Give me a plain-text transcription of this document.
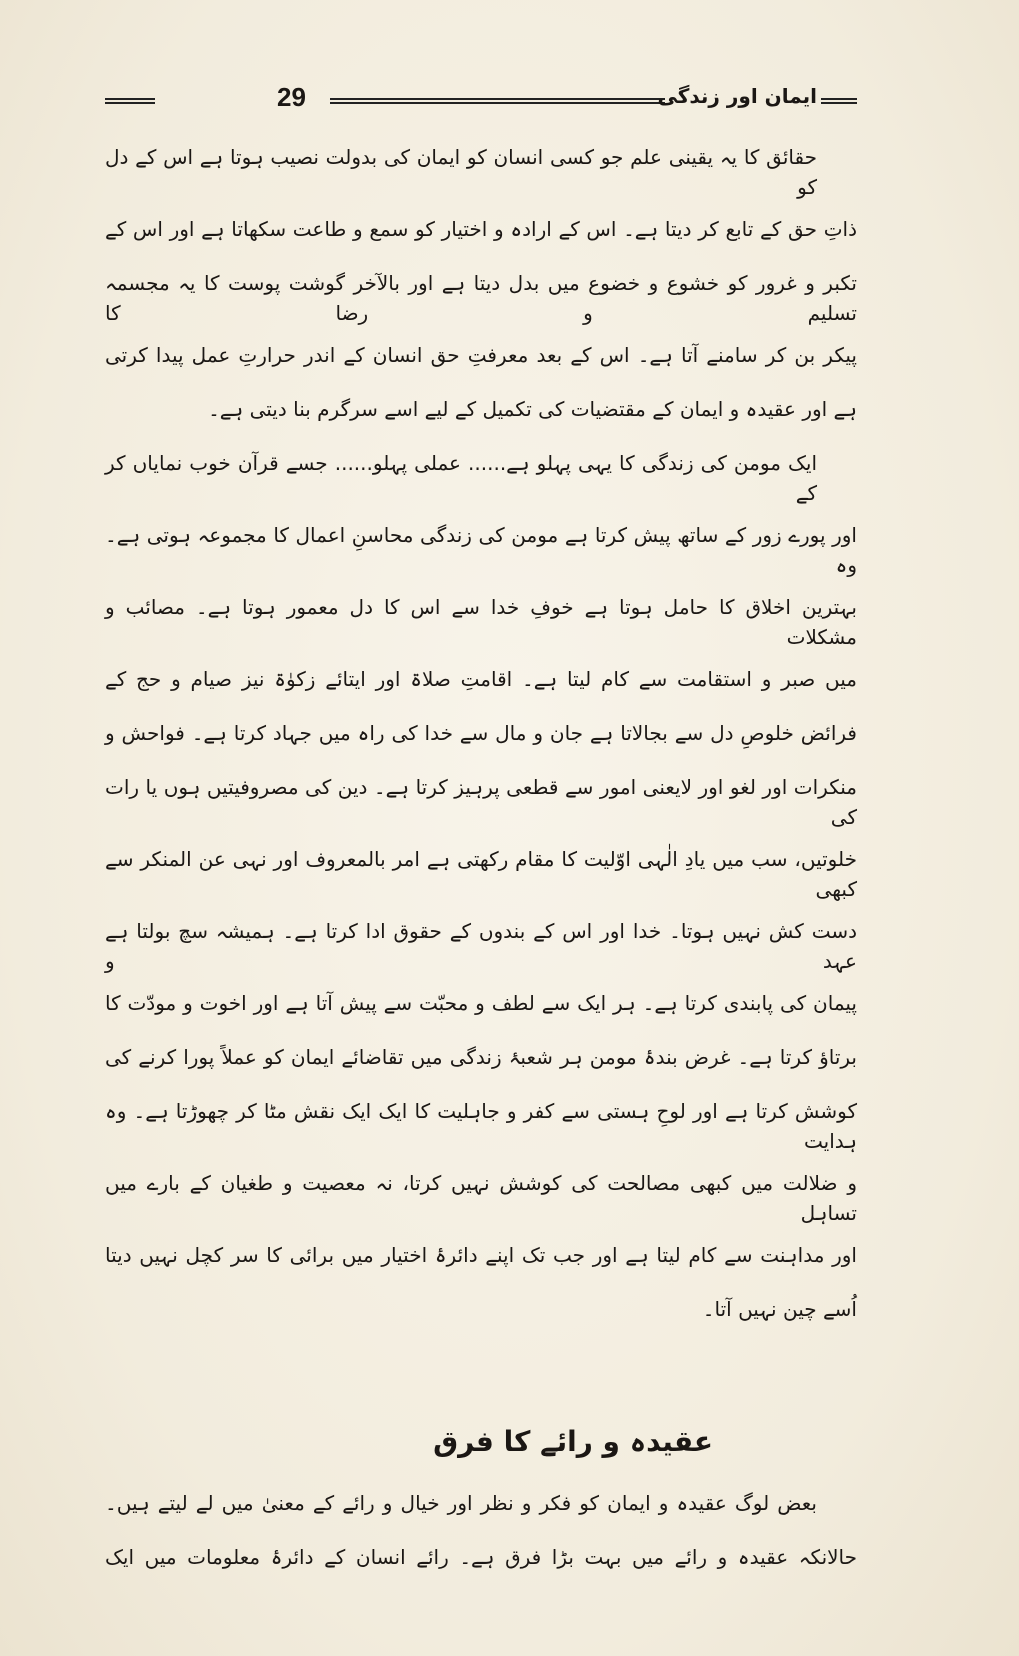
29	ایمان اور زندگی
حقائق کا یہ یقینی علم جو کسی انسان کو ایمان کی بدولت نصیب ہوتا ہے اس کے دل کو
ذاتِ حق کے تابع کر دیتا ہے۔ اس کے ارادہ و اختیار کو سمع و طاعت سکھاتا ہے اور اس کے
تکبر و غرور کو خشوع و خضوع میں بدل دیتا ہے اور بالآخر گوشت پوست کا یہ مجسمہ تسلیم و رضا کا
پیکر بن کر سامنے آتا ہے۔ اس کے بعد معرفتِ حق انسان کے اندر حرارتِ عمل پیدا کرتی
ہے اور عقیدہ و ایمان کے مقتضیات کی تکمیل کے لیے اسے سرگرم بنا دیتی ہے۔
ایک مومن کی زندگی کا یہی پہلو ہے...... عملی پہلو...... جسے قرآن خوب نمایاں کر کے
اور پورے زور کے ساتھ پیش کرتا ہے مومن کی زندگی محاسنِ اعمال کا مجموعہ ہوتی ہے۔ وہ
بہترین اخلاق کا حامل ہوتا ہے خوفِ خدا سے اس کا دل معمور ہوتا ہے۔ مصائب و مشکلات
میں صبر و استقامت سے کام لیتا ہے۔ اقامتِ صلاۃ اور ایتائے زکوٰۃ نیز صیام و حج کے
فرائض خلوصِ دل سے بجالاتا ہے جان و مال سے خدا کی راہ میں جہاد کرتا ہے۔ فواحش و
منکرات اور لغو اور لایعنی امور سے قطعی پرہیز کرتا ہے۔ دین کی مصروفیتیں ہوں یا رات کی
خلوتیں، سب میں یادِ الٰہی اوّلیت کا مقام رکھتی ہے امر بالمعروف اور نہی عن المنکر سے کبھی
دست کش نہیں ہوتا۔ خدا اور اس کے بندوں کے حقوق ادا کرتا ہے۔ ہمیشہ سچ بولتا ہے عہد و
پیمان کی پابندی کرتا ہے۔ ہر ایک سے لطف و محبّت سے پیش آتا ہے اور اخوت و مودّت کا
برتاؤ کرتا ہے۔ غرض بندۂ مومن ہر شعبۂ زندگی میں تقاضائے ایمان کو عملاً پورا کرنے کی
کوشش کرتا ہے اور لوحِ ہستی سے کفر و جاہلیت کا ایک ایک نقش مٹا کر چھوڑتا ہے۔ وہ ہدایت
و ضلالت میں کبھی مصالحت کی کوشش نہیں کرتا، نہ معصیت و طغیان کے بارے میں تساہل
اور مداہنت سے کام لیتا ہے اور جب تک اپنے دائرۂ اختیار میں برائی کا سر کچل نہیں دیتا
اُسے چین نہیں آتا۔
عقیدہ و رائے کا فرق
بعض لوگ عقیدہ و ایمان کو فکر و نظر اور خیال و رائے کے معنیٰ میں لے لیتے ہیں۔
حالانکہ عقیدہ و رائے میں بہت بڑا فرق ہے۔ رائے انسان کے دائرۂ معلومات میں ایک
